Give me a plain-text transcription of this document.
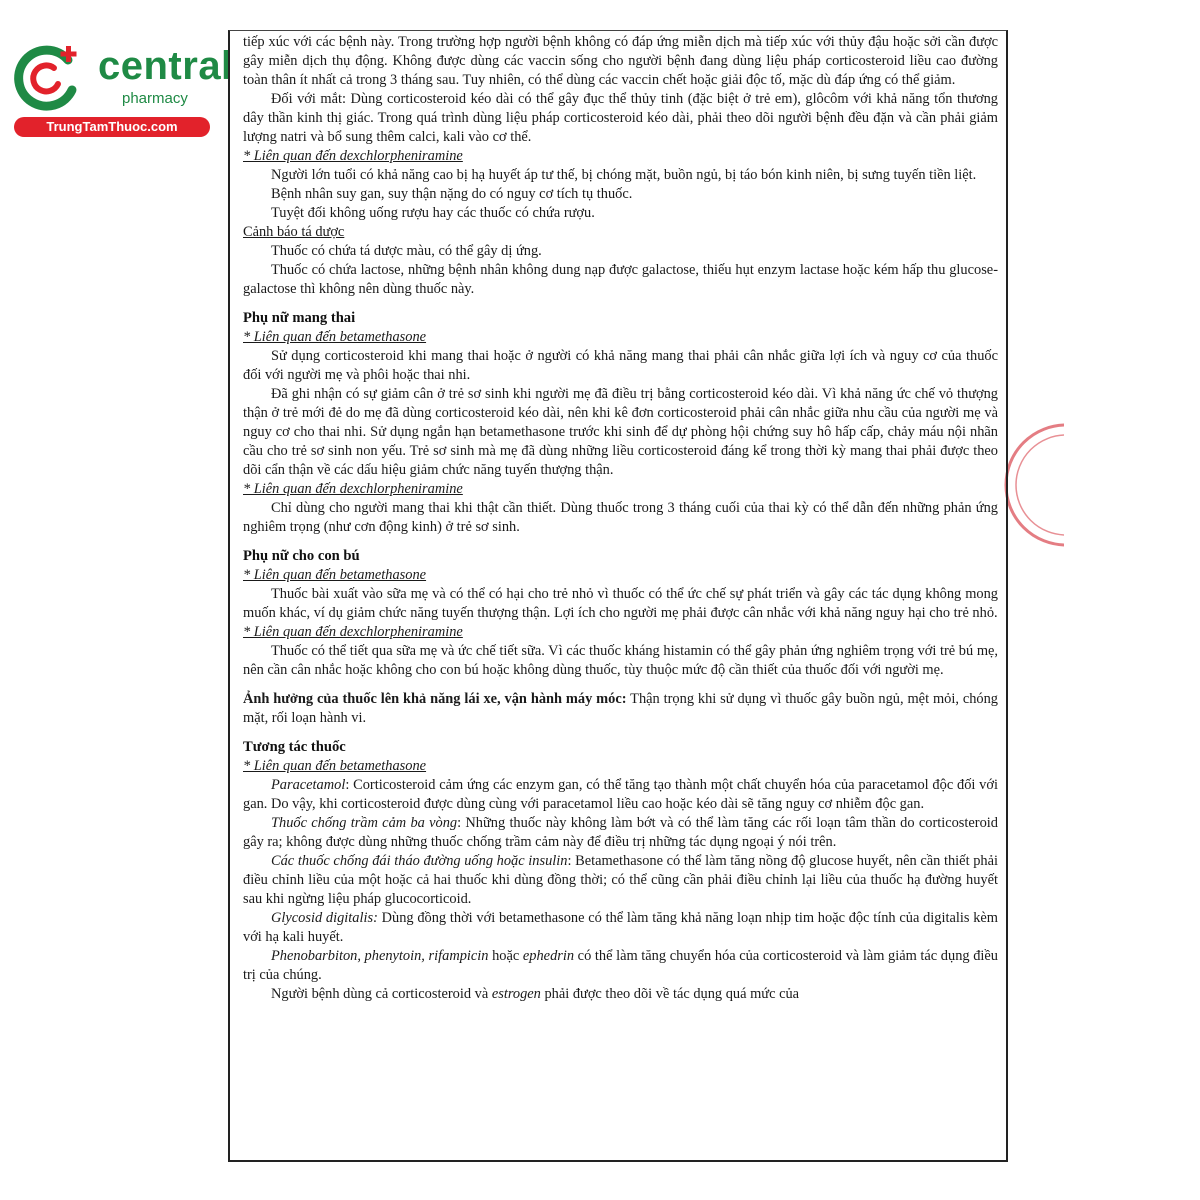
central
pharmacy
TrungTamThuoc.com

tiếp xúc với các bệnh này. Trong trường hợp người bệnh không có đáp ứng miễn dịch mà tiếp xúc với thủy đậu hoặc sởi cần được gây miễn dịch thụ động. Không được dùng các vaccin sống cho người bệnh đang dùng liệu pháp corticosteroid liều cao đường toàn thân ít nhất cả trong 3 tháng sau. Tuy nhiên, có thể dùng các vaccin chết hoặc giải độc tố, mặc dù đáp ứng có thể giảm.

Đối với mắt: Dùng corticosteroid kéo dài có thể gây đục thể thủy tinh (đặc biệt ở trẻ em), glôcôm với khả năng tổn thương dây thần kinh thị giác. Trong quá trình dùng liệu pháp corticosteroid kéo dài, phải theo dõi người bệnh đều đặn và cần phải giảm lượng natri và bổ sung thêm calci, kali vào cơ thể.

* Liên quan đến dexchlorpheniramine

Người lớn tuổi có khả năng cao bị hạ huyết áp tư thế, bị chóng mặt, buồn ngủ, bị táo bón kinh niên, bị sưng tuyến tiền liệt.

Bệnh nhân suy gan, suy thận nặng do có nguy cơ tích tụ thuốc.

Tuyệt đối không uống rượu hay các thuốc có chứa rượu.

Cảnh báo tá dược

Thuốc có chứa tá dược màu, có thể gây dị ứng.

Thuốc có chứa lactose, những bệnh nhân không dung nạp được galactose, thiếu hụt enzym lactase hoặc kém hấp thu glucose-galactose thì không nên dùng thuốc này.

Phụ nữ mang thai

* Liên quan đến betamethasone

Sử dụng corticosteroid khi mang thai hoặc ở người có khả năng mang thai phải cân nhắc giữa lợi ích và nguy cơ của thuốc đối với người mẹ và phôi hoặc thai nhi.

Đã ghi nhận có sự giảm cân ở trẻ sơ sinh khi người mẹ đã điều trị bằng corticosteroid kéo dài. Vì khả năng ức chế vỏ thượng thận ở trẻ mới đẻ do mẹ đã dùng corticosteroid kéo dài, nên khi kê đơn corticosteroid phải cân nhắc giữa nhu cầu của người mẹ và nguy cơ cho thai nhi. Sử dụng ngắn hạn betamethasone trước khi sinh để dự phòng hội chứng suy hô hấp cấp, chảy máu nội nhãn cầu cho trẻ sơ sinh non yếu. Trẻ sơ sinh mà mẹ đã dùng những liều corticosteroid đáng kể trong thời kỳ mang thai phải được theo dõi cẩn thận về các dấu hiệu giảm chức năng tuyến thượng thận.

* Liên quan đến dexchlorpheniramine

Chỉ dùng cho người mang thai khi thật cần thiết. Dùng thuốc trong 3 tháng cuối của thai kỳ có thể dẫn đến những phản ứng nghiêm trọng (như cơn động kinh) ở trẻ sơ sinh.

Phụ nữ cho con bú

* Liên quan đến betamethasone

Thuốc bài xuất vào sữa mẹ và có thể có hại cho trẻ nhỏ vì thuốc có thể ức chế sự phát triển và gây các tác dụng không mong muốn khác, ví dụ giảm chức năng tuyến thượng thận. Lợi ích cho người mẹ phải được cân nhắc với khả năng nguy hại cho trẻ nhỏ.

* Liên quan đến dexchlorpheniramine

Thuốc có thể tiết qua sữa mẹ và ức chế tiết sữa. Vì các thuốc kháng histamin có thể gây phản ứng nghiêm trọng với trẻ bú mẹ, nên cần cân nhắc hoặc không cho con bú hoặc không dùng thuốc, tùy thuộc mức độ cần thiết của thuốc đối với người mẹ.

Ảnh hưởng của thuốc lên khả năng lái xe, vận hành máy móc: Thận trọng khi sử dụng vì thuốc gây buồn ngủ, mệt mỏi, chóng mặt, rối loạn hành vi.

Tương tác thuốc

* Liên quan đến betamethasone

Paracetamol: Corticosteroid cảm ứng các enzym gan, có thể tăng tạo thành một chất chuyển hóa của paracetamol độc đối với gan. Do vậy, khi corticosteroid được dùng cùng với paracetamol liều cao hoặc kéo dài sẽ tăng nguy cơ nhiễm độc gan.

Thuốc chống trầm cảm ba vòng: Những thuốc này không làm bớt và có thể làm tăng các rối loạn tâm thần do corticosteroid gây ra; không được dùng những thuốc chống trầm cảm này để điều trị những tác dụng ngoại ý nói trên.

Các thuốc chống đái tháo đường uống hoặc insulin: Betamethasone có thể làm tăng nồng độ glucose huyết, nên cần thiết phải điều chỉnh liều của một hoặc cả hai thuốc khi dùng đồng thời; có thể cũng cần phải điều chỉnh lại liều của thuốc hạ đường huyết sau khi ngừng liệu pháp glucocorticoid.

Glycosid digitalis: Dùng đồng thời với betamethasone có thể làm tăng khả năng loạn nhịp tim hoặc độc tính của digitalis kèm với hạ kali huyết.

Phenobarbiton, phenytoin, rifampicin hoặc ephedrin có thể làm tăng chuyển hóa của corticosteroid và làm giảm tác dụng điều trị của chúng.

Người bệnh dùng cả corticosteroid và estrogen phải được theo dõi về tác dụng quá mức của
